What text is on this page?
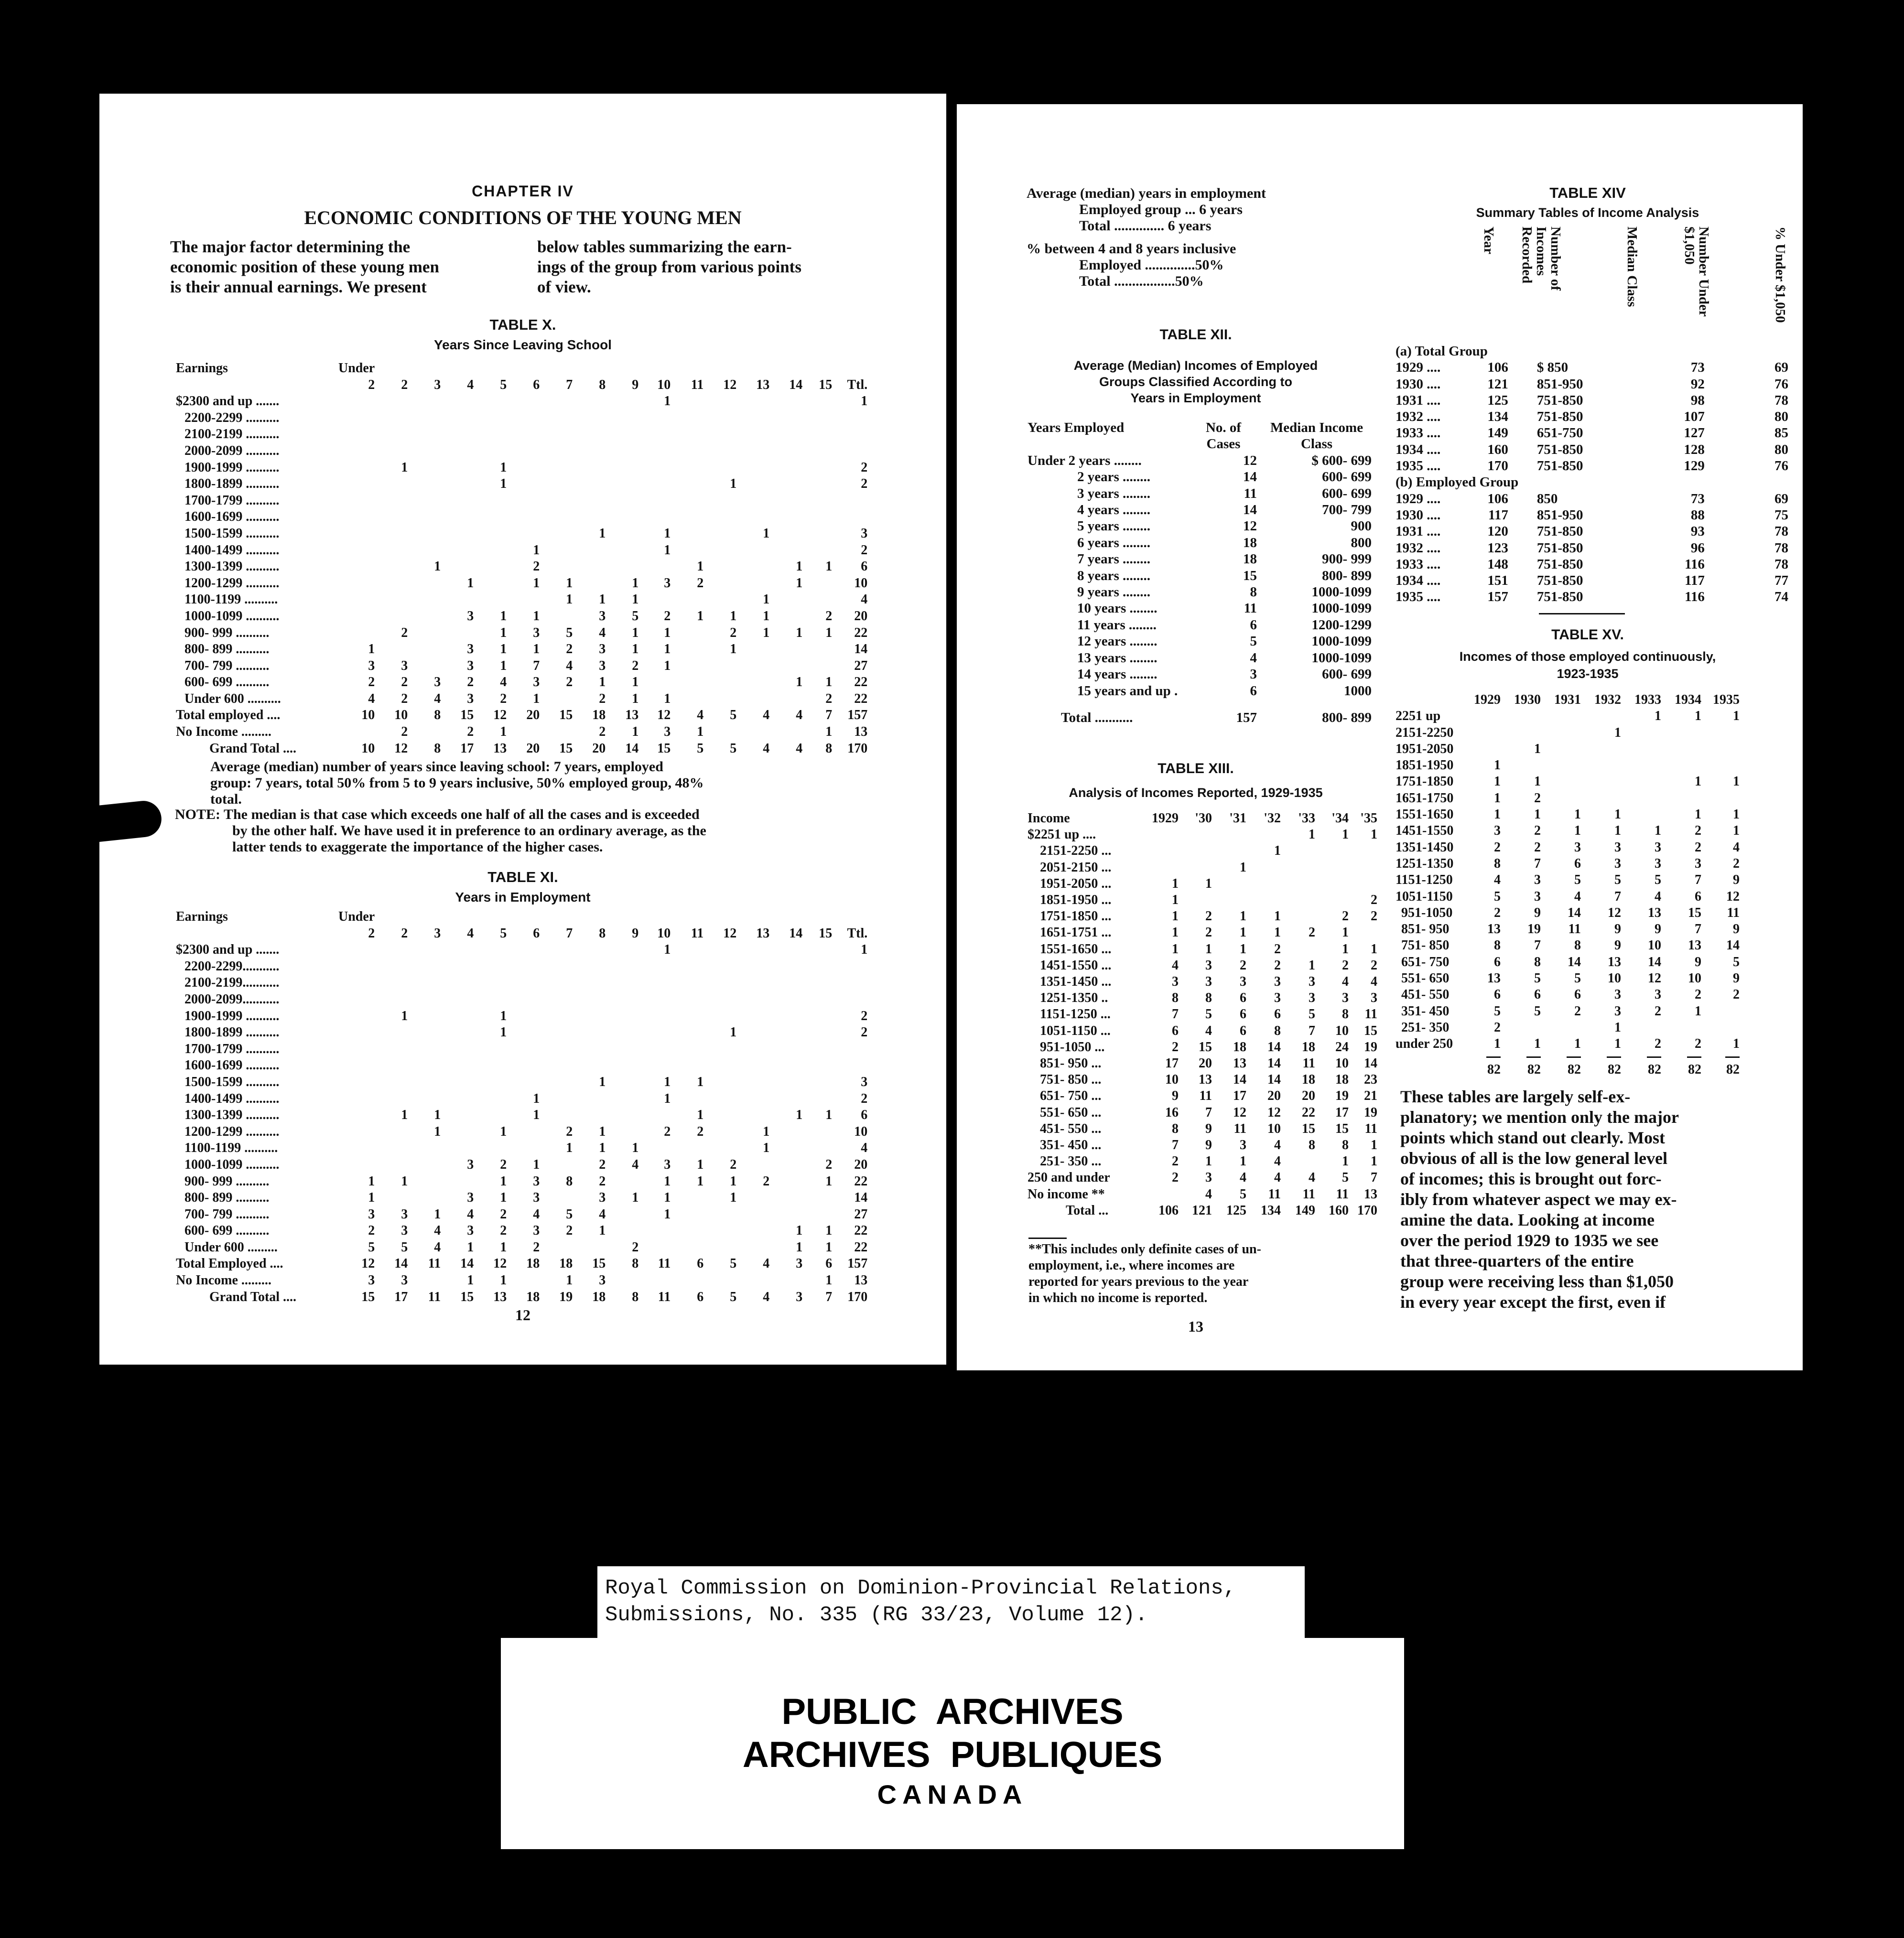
CHAPTER IV
ECONOMIC CONDITIONS OF THE YOUNG MEN
The major factor determining the
economic position of these young men
is their annual earnings. We present
below tables summarizing the earn-
ings of the group from various points
of view.
TABLE X.
Years Since Leaving School
Earnings	Under															
	2	2	3	4	5	6	7	8	9	10	11	12	13	14	15	Ttl.
$2300 and up .......										1						1
2200-2299 ..........																
2100-2199 ..........																
2000-2099 ..........																
1900-1999 ..........		1			1											2
1800-1899 ..........					1							1				2
1700-1799 ..........																
1600-1699 ..........																
1500-1599 ..........								1		1			1			3
1400-1499 ..........						1				1						2
1300-1399 ..........			1			2					1			1	1	6
1200-1299 ..........				1		1	1		1	3	2			1		10
1100-1199 ..........							1	1	1				1			4
1000-1099 ..........				3	1	1		3	5	2	1	1	1		2	20
900- 999 ..........		2			1	3	5	4	1	1		2	1	1	1	22
800- 899 ..........	1			3	1	1	2	3	1	1		1				14
700- 799 ..........	3	3		3	1	7	4	3	2	1						27
600- 699 ..........	2	2	3	2	4	3	2	1	1					1	1	22
Under 600 ..........	4	2	4	3	2	1		2	1	1					2	22
Total employed ....	10	10	8	15	12	20	15	18	13	12	4	5	4	4	7	157
No Income .........		2		2	1			2	1	3	1				1	13
Grand Total ....	10	12	8	17	13	20	15	20	14	15	5	5	4	4	8	170
Average (median) number of years since leaving school: 7 years, employed
group: 7 years, total 50% from 5 to 9 years inclusive, 50% employed group, 48%
total.
NOTE: The median is that case which exceeds one half of all the cases and is exceeded
by the other half. We have used it in preference to an ordinary average, as the
latter tends to exaggerate the importance of the higher cases.
TABLE XI.
Years in Employment
Earnings	Under															
	2	2	3	4	5	6	7	8	9	10	11	12	13	14	15	Ttl.
$2300 and up .......										1						1
2200-2299...........																
2100-2199...........																
2000-2099...........																
1900-1999 ..........		1			1											2
1800-1899 ..........					1							1				2
1700-1799 ..........																
1600-1699 ..........																
1500-1599 ..........								1		1	1					3
1400-1499 ..........						1				1						2
1300-1399 ..........		1	1			1					1			1	1	6
1200-1299 ..........			1		1		2	1		2	2		1			10
1100-1199 ..........							1	1	1				1			4
1000-1099 ..........				3	2	1		2	4	3	1	2			2	20
900- 999 ..........	1	1			1	3	8	2		1	1	1	2		1	22
800- 899 ..........	1			3	1	3		3	1	1		1				14
700- 799 ..........	3	3	1	4	2	4	5	4		1						27
600- 699 ..........	2	3	4	3	2	3	2	1						1	1	22
Under 600 .........	5	5	4	1	1	2			2					1	1	22
Total Employed ....	12	14	11	14	12	18	18	15	8	11	6	5	4	3	6	157
No Income .........	3	3		1	1		1	3							1	13
Grand Total ....	15	17	11	15	13	18	19	18	8	11	6	5	4	3	7	170
12
Average (median) years in employment
Employed group ... 6 years
Total .............. 6 years
% between 4 and 8 years inclusive
Employed ..............50%
Total .................50%
TABLE XII.
Average (Median) Incomes of Employed
Groups Classified According to
Years in Employment
Years Employed	No. of	Median Income
	Cases	Class
Under 2 years ........	12	$ 600- 699
2 years ........	14	600- 699
3 years ........	11	600- 699
4 years ........	14	700- 799
5 years ........	12	900
6 years ........	18	800
7 years ........	18	900- 999
8 years ........	15	800- 899
9 years ........	8	1000-1099
10 years ........	11	1000-1099
11 years ........	6	1200-1299
12 years ........	5	1000-1099
13 years ........	4	1000-1099
14 years ........	3	600- 699
15 years and up .	6	1000
Total ...........	157	800- 899
TABLE XIII.
Analysis of Incomes Reported, 1929-1935
Income	1929	'30	'31	'32	'33	'34	'35
$2251 up ....					1	1	1
2151-2250 ...				1			
2051-2150 ...			1				
1951-2050 ...	1	1					
1851-1950 ...	1						2
1751-1850 ...	1	2	1	1		2	2
1651-1751 ...	1	2	1	1	2	1	
1551-1650 ...	1	1	1	2		1	1
1451-1550 ...	4	3	2	2	1	2	2
1351-1450 ...	3	3	3	3	3	4	4
1251-1350 ..	8	8	6	3	3	3	3
1151-1250 ...	7	5	6	6	5	8	11
1051-1150 ...	6	4	6	8	7	10	15
951-1050 ...	2	15	18	14	18	24	19
851- 950 ...	17	20	13	14	11	10	14
751- 850 ...	10	13	14	14	18	18	23
651- 750 ...	9	11	17	20	20	19	21
551- 650 ...	16	7	12	12	22	17	19
451- 550 ...	8	9	11	10	15	15	11
351- 450 ...	7	9	3	4	8	8	1
251- 350 ...	2	1	1	4		1	1
250 and under	2	3	4	4	4	5	7
No income **		4	5	11	11	11	13
Total ...	106	121	125	134	149	160	170
**This includes only definite cases of un-
employment, i.e., where incomes are
reported for years previous to the year
in which no income is reported.
TABLE XIV
Summary Tables of Income Analysis
Year	Number of Incomes Recorded	Median Class	Number Under $1,050	% Under $1,050
(a) Total Group				
1929 ....	106	$ 850	73	69
1930 ....	121	851-950	92	76
1931 ....	125	751-850	98	78
1932 ....	134	751-850	107	80
1933 ....	149	651-750	127	85
1934 ....	160	751-850	128	80
1935 ....	170	751-850	129	76
(b) Employed Group				
1929 ....	106	850	73	69
1930 ....	117	851-950	88	75
1931 ....	120	751-850	93	78
1932 ....	123	751-850	96	78
1933 ....	148	751-850	116	78
1934 ....	151	751-850	117	77
1935 ....	157	751-850	116	74
TABLE XV.
Incomes of those employed continuously,
1923-1935
	1929	1930	1931	1932	1933	1934	1935
2251 up					1	1	1
2151-2250				1			
1951-2050		1					
1851-1950	1						
1751-1850	1	1				1	1
1651-1750	1	2					
1551-1650	1	1	1	1		1	1
1451-1550	3	2	1	1	1	2	1
1351-1450	2	2	3	3	3	2	4
1251-1350	8	7	6	3	3	3	2
1151-1250	4	3	5	5	5	7	9
1051-1150	5	3	4	7	4	6	12
951-1050	2	9	14	12	13	15	11
851- 950	13	19	11	9	9	7	9
751- 850	8	7	8	9	10	13	14
651- 750	6	8	14	13	14	9	5
551- 650	13	5	5	10	12	10	9
451- 550	6	6	6	3	3	2	2
351- 450	5	5	2	3	2	1	
251- 350	2			1			
under 250	1	1	1	1	2	2	1

	82	82	82	82	82	82	82
These tables are largely self-ex-
planatory; we mention only the major
points which stand out clearly. Most
obvious of all is the low general level
of incomes; this is brought out forc-
ibly from whatever aspect we may ex-
amine the data. Looking at income
over the period 1929 to 1935 we see
that three-quarters of the entire
group were receiving less than $1,050
in every year except the first, even if
13
Royal Commission on Dominion-Provincial Relations,
Submissions, No. 335 (RG 33/23, Volume 12).
PUBLIC  ARCHIVES
ARCHIVES  PUBLIQUES
CANADA
